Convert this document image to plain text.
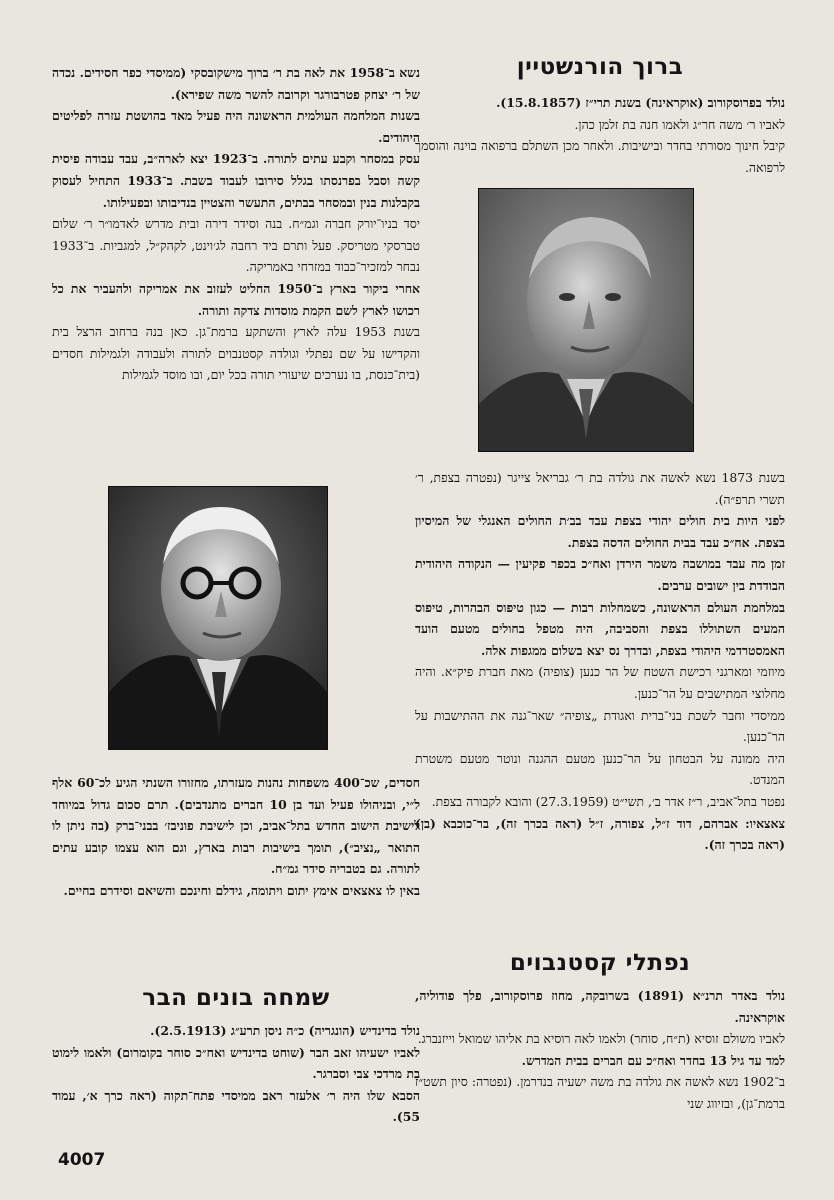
ברוך הורנשטיין

נולד בפרוסקורוב (אוקראינה) בשנת תרי״ז (15.8.1857).

לאביו ר׳ משה חר״ג ולאמו חנה בת זלמן כהן.

קיבל חינוך מסורתי בחדר ובישיבות. ולאחר מכן השתלם ברפואה בוינה והוסמך לרפואה.

בשנת 1873 נשא לאשה את גולדה בת ר׳ גבריאל צייגר (נפטרה בצפת, ר׳ תשרי תרפ״ה).

לפני היות בית חולים יהודי בצפת עבד בב׳ת החולים האנגלי של המיסיון בצפת. אח״כ עבד בבית החולים הדסה בצפת.

זמן מה עבד במושבה משמר הירדן ואח״כ בכפר פקיעין — הנקודה היהודית הבודדת בין ישובים ערבים.

במלחמת העולם הראשונה, כשמחלות רבות — כגון טיפוס הבהרות, טיפוס המעים השתוללו בצפת והסביבה, היה מטפל בחולים מטעם הועד האמסטרדמי היהודי בצפת, ובדרך נס יצא בשלום ממגפות אלה.

מיוזמי ומארגני רכישת השטח של הר כנען (צופיה) מאת חברת פיק״א. והיה מחלוצי המתישבים על הר־כנען.

ממיסדי וחבר לשכת בני־ברית ואגודת „צופיה״ שאר־גנה את ההתישבות על הר־כנען.

היה ממונה על הבטחון על הר־כנען מטעם ההגנה ונוטר מטעם משטרת המנדט.

נפטר בתל־אביב, ר״ז אדר ב׳, תשי״ט (27.3.1959) והובא לקבורה בצפת.

צאצאיו: אברהם, דוד ז״ל, צפורה, ז״ל (ראה בכרך זה), בר־כוכבא (בן) (ראה בכרך זה).

נפתלי קסטנבוים

נולד באדר תרנ״א (1891) בשרובקה, מחוז פרוסקורוב, פלך פודוליה, אוקראינה.

לאביו משולם זוסיא (ת״ח, סוחר) ולאמו לאה רוסיא בת אליהו שמואל וייזנברג.

למד עד גיל 13 בחדר ואח״כ עם חברים בבית המדרש.

ב־1902 נשא לאשה את גולדה בת משה ישעיה בנדרמן. (נפטרה: סיון תשט״ז ברמת־גן), ובזיווג שני

נשא ב־1958 את לאה בת ר׳ ברוך מישקובסקי (ממיסדי כפר חסידים. נכדה של ר׳ יצחק פטרבורגר וקרובה להשר משה שפירא).

בשנות המלחמה העולמית הראשונה היה פעיל מאד בהושטת עזרה לפליטים היהודים.

עסק במסחר וקבע עתים לתורה. ב־1923 יצא לארה״ב, עבד עבודה פיסית קשה וסבל בפרנסתו בגלל סירובו לעבוד בשבת. ב־1933 התחיל לעסוק בקבלנות בנין ובמסחר בבתים, התעשר והצטיין בנדיבותו ובפעילותו.

יסד בניו־יורק חברה וגמ״ח. בנה וסידר דירה ובית מדרש לאדמו״ר ר׳ שלום טברסקי מטריסק. פעל ותרם ביד רחבה לג׳וינט, לקהק״ל, למגביות. ב־1933 נבחר למזכיר־כבוד במזרחי באמריקה.

אחרי ביקור בארץ ב־1950 החליט לעזוב את אמריקה ולהעביר את כל רכושו לארץ לשם הקמת מוסדות צדקה ותורה.

בשנת 1953 עלה לארץ והשתקע ברמת־גן. כאן בנה ברחוב הרצל בית והקדישו על שם נפתלי וגולדה קסטנבוים לתורה ולעבודה ולגמילות חסדים (בית־כנסת, בו נערכים שיעורי תורה בכל יום, ובו מוסד לגמילות

חסדים, שכ־400 משפחות נהנות מעזרתו, מחזורו השנתי הגיע לכ־60 אלף ל״י, ובניהולו פעיל ועד בן 10 חברים מתנדבים). תרם סכום גדול במיוחד לישיבת הישוב החדש בתל־אביב, וכן לישיבת פוניבז׳ בבני־ברק (בה ניתן לו התואר „נציב״), תומך בישיבות רבות בארץ, וגם הוא עצמו קובע עתים לתורה. גם בטבריה סידר גמ״ח.

באין לו צאצאים אימץ יתום ויתומה, גידלם וחינכם והשיאם וסידרם בחיים.

שמחה בונים הבר

נולד בדינדיש (הונגריה) כ״ה ניסן תרע״ג (2.5.1913).

לאביו ישעיהו זאב הבר (שוחט בדינדיש ואח״כ סוחר בקומרום) ולאמו לימוט בת מרדכי צבי וסברגר.

הסבא שלו היה ר׳ אלעזר ראב ממיסדי פתח־תקוה (ראה כרך א׳, עמוד 55).

4007
